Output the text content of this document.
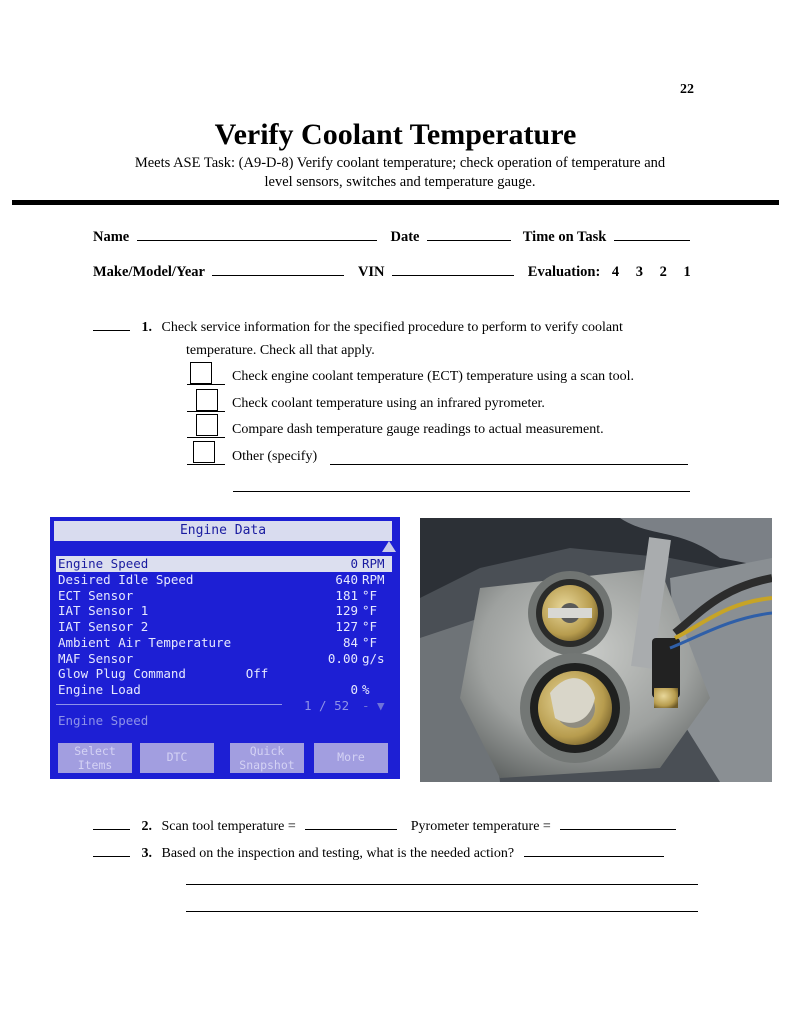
22
Verify Coolant Temperature
Meets ASE Task: (A9-D-8) Verify coolant temperature; check operation of temperature and
level sensors, switches and temperature gauge.
Name	Date	Time on Task
Make/Model/Year	VIN	Evaluation: 4 3 2 1
1. Check service information for the specified procedure to perform to verify coolant
temperature. Check all that apply.
Check engine coolant temperature (ECT) temperature using a scan tool.
Check coolant temperature using an infrared pyrometer.
Compare dash temperature gauge readings to actual measurement.
Other (specify)
Engine Data
Engine Speed	0 RPM
Desired Idle Speed	640 RPM
ECT Sensor	181 °F
IAT Sensor 1	129 °F
IAT Sensor 2	127 °F
Ambient Air Temperature	84 °F
MAF Sensor	0.00 g/s
Glow Plug Command	Off
Engine Load	0 %
1 / 52 - ▼
Engine Speed
Select Items
DTC	Quick Snapshot
More
2. Scan tool temperature =	Pyrometer temperature =
3. Based on the inspection and testing, what is the needed action?
